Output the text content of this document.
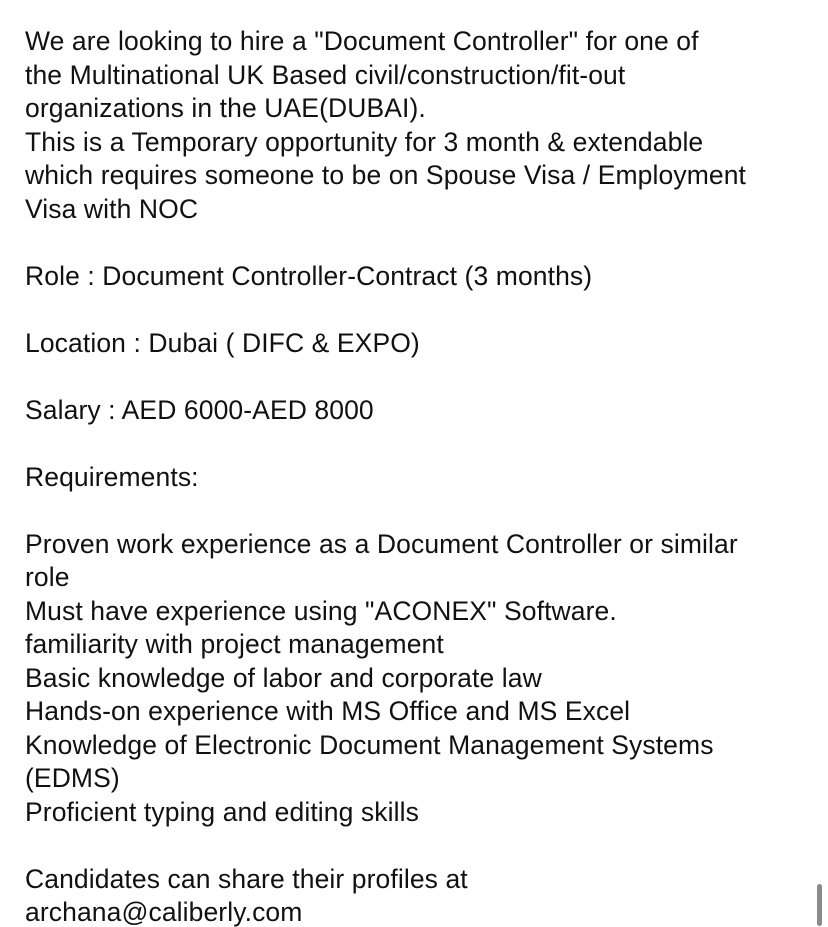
We are looking to hire a "Document Controller" for one of
the Multinational UK Based civil/construction/fit-out
organizations in the UAE(DUBAI).
This is a Temporary opportunity for 3 month & extendable
which requires someone to be on Spouse Visa / Employment
Visa with NOC
Role : Document Controller-Contract (3 months)
Location : Dubai ( DIFC & EXPO)
Salary : AED 6000-AED 8000
Requirements:
Proven work experience as a Document Controller or similar
role
Must have experience using "ACONEX" Software.
familiarity with project management
Basic knowledge of labor and corporate law
Hands-on experience with MS Office and MS Excel
Knowledge of Electronic Document Management Systems
(EDMS)
Proficient typing and editing skills
Candidates can share their profiles at
archana@caliberly.com
